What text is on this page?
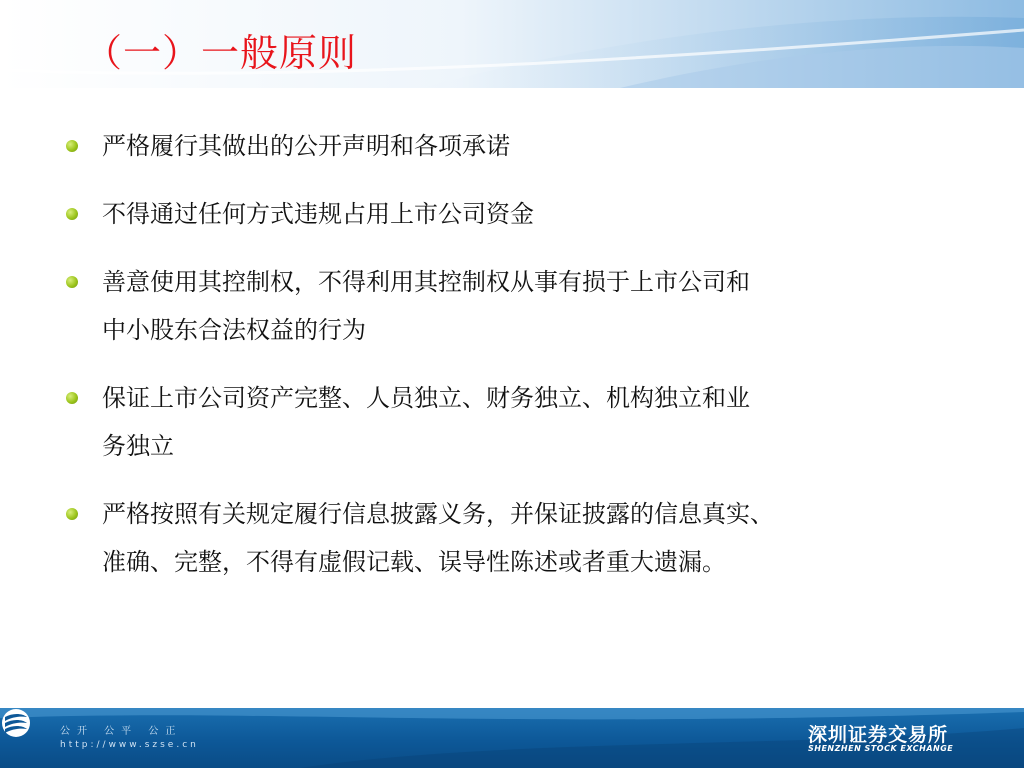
（一）一般原则
严格履行其做出的公开声明和各项承诺
不得通过任何方式违规占用上市公司资金
善意使用其控制权，不得利用其控制权从事有损于上市公司和
中小股东合法权益的行为
保证上市公司资产完整、人员独立、财务独立、机构独立和业
务独立
严格按照有关规定履行信息披露义务，并保证披露的信息真实、
准确、完整，不得有虚假记载、误导性陈述或者重大遗漏。
公开 公平 公正
http://www.szse.cn	深圳证券交易所
SHENZHEN STOCK EXCHANGE
